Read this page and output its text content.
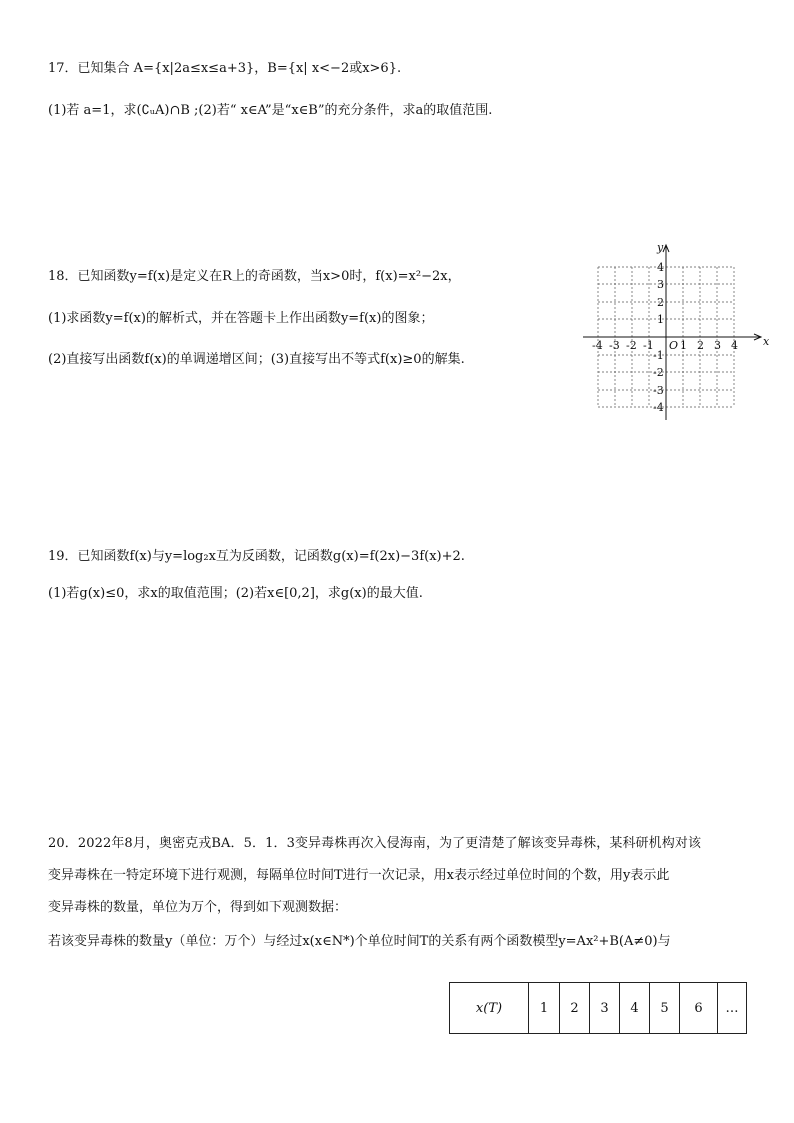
17．已知集合 A={x|2a≤x≤a+3}，B={x| x<−2或x>6}.
(1)若 a=1，求(∁ᵤA)∩B ;(2)若“ x∈A”是“x∈B”的充分条件，求a的取值范围.
18．已知函数y=f(x)是定义在R上的奇函数，当x>0时，f(x)=x²−2x，
(1)求函数y=f(x)的解析式，并在答题卡上作出函数y=f(x)的图象；
(2)直接写出函数f(x)的单调递增区间；(3)直接写出不等式f(x)≥0的解集.
x
y
O
-4 -3 -2 -1 1 2 3 4
4
3
2
1
-1
-2
-3
-4
19．已知函数f(x)与y=log₂x互为反函数，记函数g(x)=f(2x)−3f(x)+2.
(1)若g(x)≤0，求x的取值范围；(2)若x∈[0,2]，求g(x)的最大值.
20．2022年8月，奥密克戎BA．5．1．3变异毒株再次入侵海南，为了更清楚了解该变异毒株，某科研机构对该
变异毒株在一特定环境下进行观测，每隔单位时间T进行一次记录，用x表示经过单位时间的个数，用y表示此
变异毒株的数量，单位为万个，得到如下观测数据：
若该变异毒株的数量y（单位：万个）与经过x(x∈N*)个单位时间T的关系有两个函数模型y=Ax²+B(A≠0)与
x(T)	1	2	3	4	5	6	…
